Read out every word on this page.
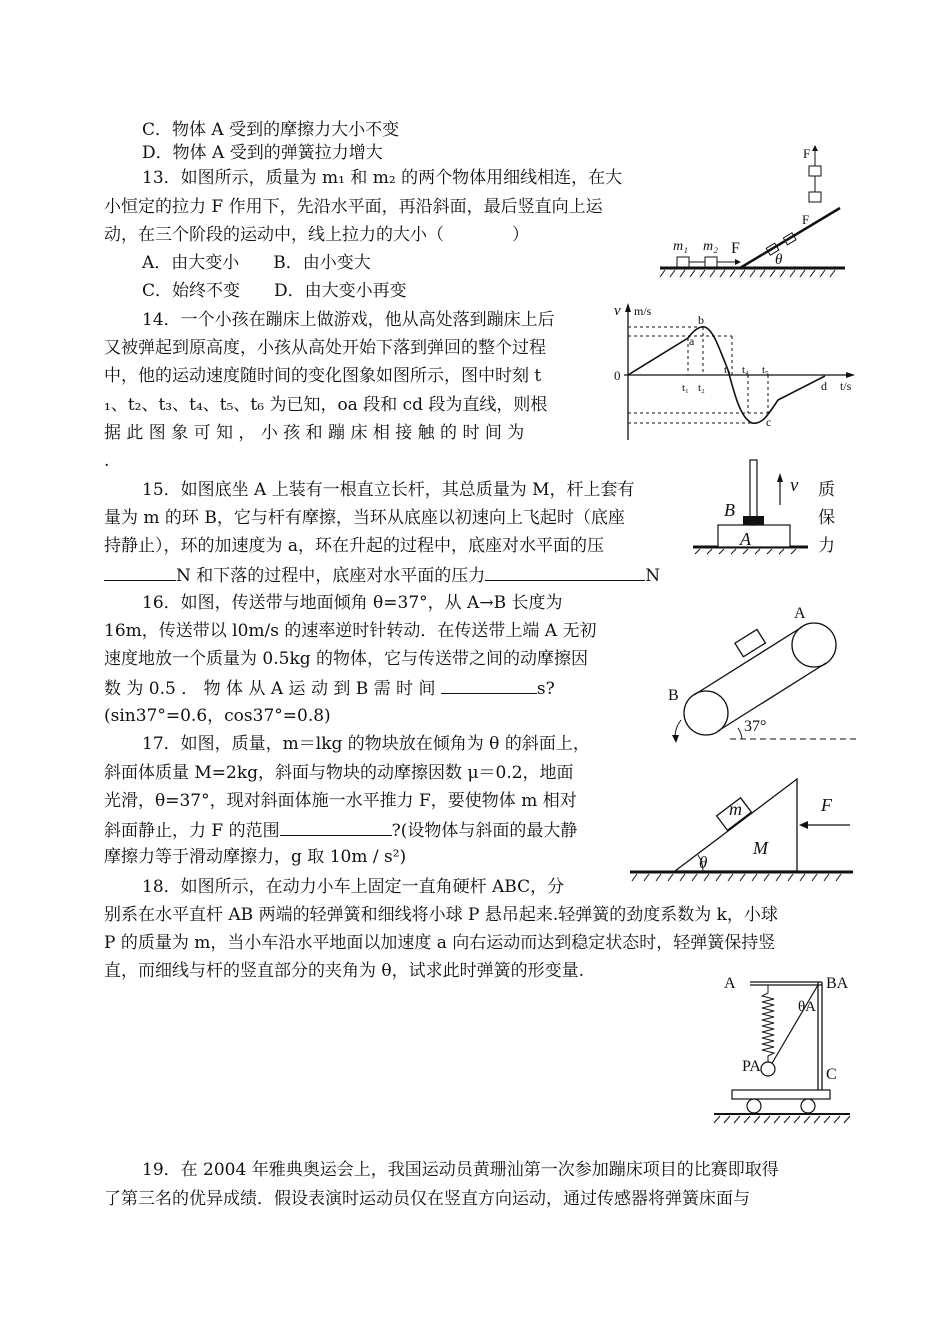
C．物体 A 受到的摩擦力大小不变
D．物体 A 受到的弹簧拉力增大
13．如图所示，质量为 m₁ 和 m₂ 的两个物体用细线相连，在大
小恒定的拉力 F 作用下，先沿水平面，再沿斜面，最后竖直向上运
动，在三个阶段的运动中，线上拉力的大小（　　　　）
A．由大变小　　B．由小变大
C．始终不变　　D．由大变小再变
F
F
m₁ m₂ F
θ
14．一个小孩在蹦床上做游戏，他从高处落到蹦床上后
又被弹起到原高度，小孩从高处开始下落到弹回的整个过程
中，他的运动速度随时间的变化图象如图所示，图中时刻 t
₁、t₂、t₃、t₄、t₅、t₆ 为已知，oa 段和 cd 段为直线，则根
据 此 图 象 可 知 ， 小 孩 和 蹦 床 相 接 触 的 时 间 为
.
v m/s
0
t/s
a
b
c
d
t₁ t₂
t₃ t₄ t₅
15．如图底坐 A 上装有一根直立长杆，其总质量为 M，杆上套有
量为 m 的环 B，它与杆有摩擦，当环从底座以初速向上飞起时（底座
持静止），环的加速度为 a，环在升起的过程中，底座对水平面的压
N 和下落的过程中，底座对水平面的压力	N
质
保
力
B
A
v
16．如图，传送带与地面倾角 θ=37°，从 A→B 长度为
16m，传送带以 l0m/s 的速率逆时针转动．在传送带上端 A 无初
速度地放一个质量为 0.5kg 的物体，它与传送带之间的动摩擦因
数 为 0.5 ． 物 体 从 A 运 动 到 B 需 时 间	s?
(sin37°=0.6，cos37°=0.8)
A
B
37°
17．如图，质量，m＝lkg 的物块放在倾角为 θ 的斜面上，
斜面体质量 M=2kg，斜面与物块的动摩擦因数 μ＝0.2，地面
光滑，θ=37°，现对斜面体施一水平推力 F，要使物体 m 相对
斜面静止，力 F 的范围	?(设物体与斜面的最大静
摩擦力等于滑动摩擦力，g 取 10m / s²)
m
M
F
θ
18．如图所示，在动力小车上固定一直角硬杆 ABC，分
别系在水平直杆 AB 两端的轻弹簧和细线将小球 P 悬吊起来.轻弹簧的劲度系数为 k，小球
P 的质量为 m，当小车沿水平地面以加速度 a 向右运动而达到稳定状态时，轻弹簧保持竖
直，而细线与杆的竖直部分的夹角为 θ，试求此时弹簧的形变量.
A	BA
θA
PA	C
19．在 2004 年雅典奥运会上，我国运动员黄珊汕第一次参加蹦床项目的比赛即取得
了第三名的优异成绩．假设表演时运动员仅在竖直方向运动，通过传感器将弹簧床面与
